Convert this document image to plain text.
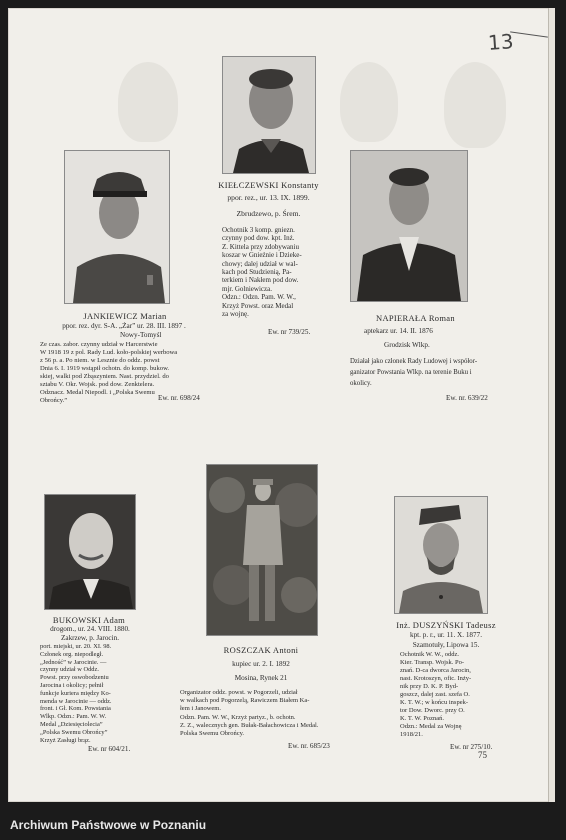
13
KIEŁCZEWSKI Konstanty
ppor. rez., ur. 13. IX. 1899.
Zbrudzewo, p. Śrem.
Ochotnik 3 komp. gniezn.
czynny pod dow. kpt. Inż.
Z. Kittela przy zdobywaniu
koszar w Gnieźnie i Dzieke-
chowy; dalej udział w wal-
kach pod Studzienią, Pa-
terkiem i Nakłem pod dow.
mjr. Golniewicza.
Odzn.: Odzn. Pam. W. W.,
Krzyż Powst. oraz Medal
za wojnę.
Ew. nr 739/25.
JANKIEWICZ Marian
ppor. rez. dyr. S-A. „Żar” ur. 28. III. 1897 .
Nowy-Tomyśl
Ze czas. zabor. czynny udział w Harcerstwie
W 1918 19 z pol. Rady Lud. koło-polskiej werbowa
z 56 p. a. Po niem. w Lesznie do oddz. powst
Dnia 6. I. 1919 wstąpił ochotn. do komp. bukow.
skiej, walki pod Zbąszyniem. Nast. przydziel. do
sztabu V. Okr. Wojsk. pod dow. Zenktelera.
Odznacz. Medal Niepodl. i „Polska Swemu
Obrońcy.”	Ew. nr. 698/24
NAPIERAŁA Roman
aptekarz ur. 14. II. 1876
Grodzisk Wlkp.
Działał jako członek Rady Ludowej i współor-
ganizator Powstania Wlkp. na terenie Buku i
okolicy.
Ew. nr. 639/22
BUKOWSKI Adam
drogom., ur. 24. VIII. 1880.
Zakrzew, p. Jarocin.
port. miejski, ur. 20. XI. 98.
Członek org. niepodległ.
„Jedność” w Jarocinie. —
czynny udział w Oddz.
Powst. przy oswobodzeniu
Jarocina i okolicy; pełnił
funkcje kuriera między Ko-
menda w Jarocinie — oddz.
front. i Gł. Kom. Powstania
Wlkp. Odzn.: Pam. W. W.
Medal „Dziesięciolecia”
„Polska Swemu Obrońcy”
Krzyż Zasługi brąz.
Ew. nr 604/21.
ROSZCZAK Antoni
kupiec ur. 2. I. 1892
Mosina, Rynek 21
Organizator oddz. powst. w Pogorzeli, udział
w walkach pod Pogorzelą, Rawiczem Białem Ka-
łem i Janowem.
Odzn. Pam. W. W., Krzyż partyz., b. ochotn.
Z. Z., walecznych gen. Bułak-Bałachowicza i Medal.
Polska Swemu Obrońcy.
Ew. nr. 685/23
Inż. DUSZYŃSKI Tadeusz
kpt. p. r., ur. 11. X. 1877.
Szamotuły, Lipowa 15.
Ochotnik W. W., oddz.
Kier. Transp. Wojsk. Po-
znań. D-ca dworca Jarocin,
nast. Krotoszyn, ofic. Inży-
nik przy D. K. P. Byd-
goszcz, dalej zast. szefa O.
K. T. W.; w końcu inspek-
tor Dow. Dworc. przy O.
K. T. W. Poznań.
Odzn.: Medal za Wojnę
1918/21.
Ew. nr 275/10.
75
Archiwum Państwowe w Poznaniu
